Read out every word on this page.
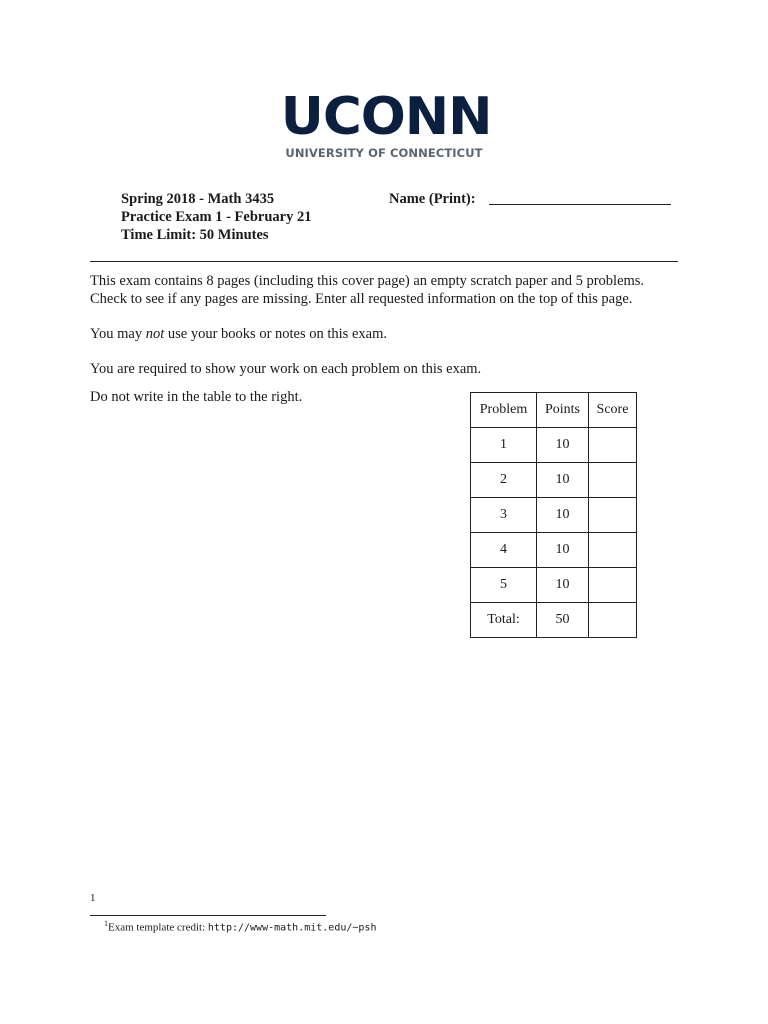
UCONN
UNIVERSITY OF CONNECTICUT
Spring 2018 - Math 3435
Practice Exam 1 - February 21
Time Limit: 50 Minutes
Name (Print):
This exam contains 8 pages (including this cover page) an empty scratch paper and 5 problems.
Check to see if any pages are missing. Enter all requested information on the top of this page.
You may not use your books or notes on this exam.
You are required to show your work on each problem on this exam.
Do not write in the table to the right.
Problem	Points	Score
1	10	
2	10	
3	10	
4	10	
5	10	
Total:	50	
1
$^1$Exam template credit: http://www-math.mit.edu/~psh
